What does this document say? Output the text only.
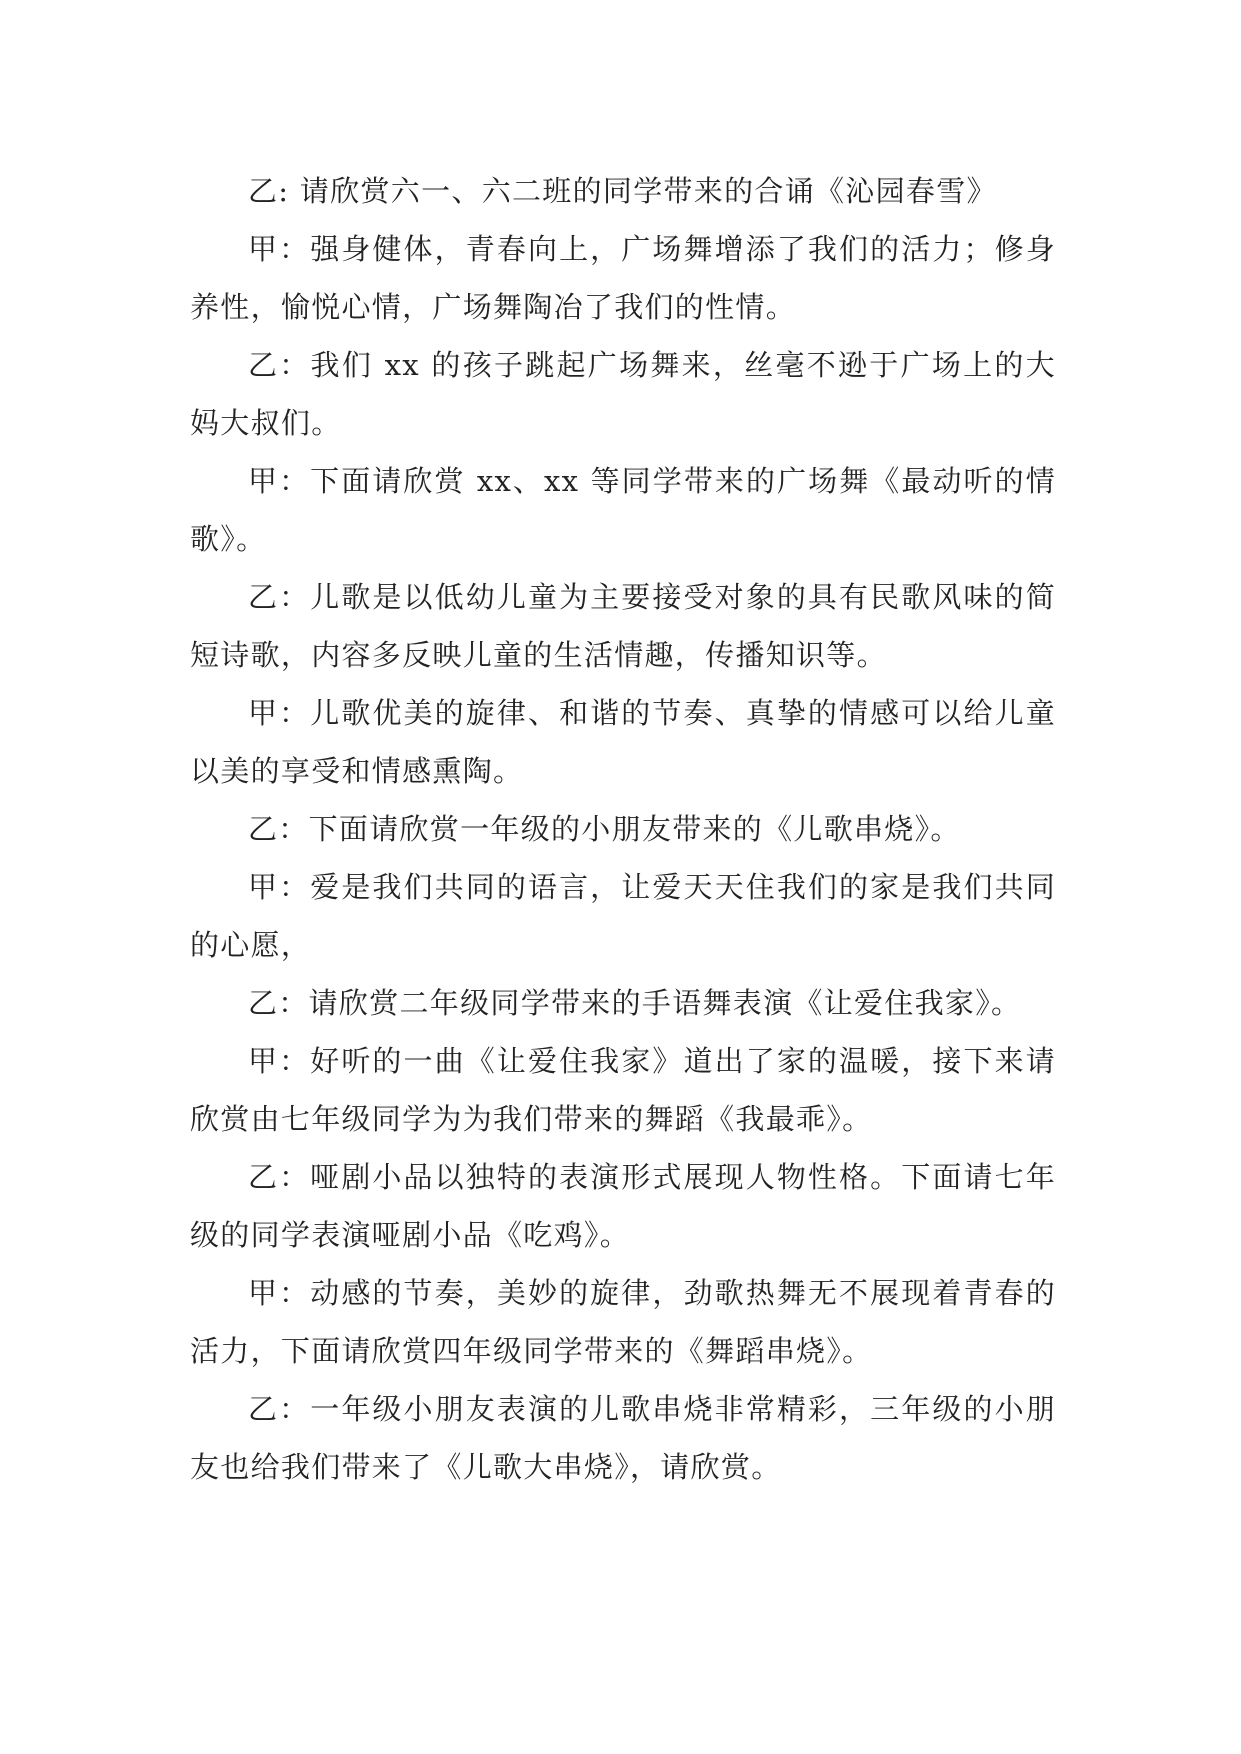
乙: 请欣赏六一、六二班的同学带来的合诵《沁园春雪》

甲：强身健体，青春向上，广场舞增添了我们的活力；修身养性，愉悦心情，广场舞陶冶了我们的性情。

乙：我们 xx 的孩子跳起广场舞来，丝毫不逊于广场上的大妈大叔们。

甲：下面请欣赏 xx、xx 等同学带来的广场舞《最动听的情歌》。

乙：儿歌是以低幼儿童为主要接受对象的具有民歌风味的简短诗歌，内容多反映儿童的生活情趣，传播知识等。

甲：儿歌优美的旋律、和谐的节奏、真挚的情感可以给儿童以美的享受和情感熏陶。

乙：下面请欣赏一年级的小朋友带来的《儿歌串烧》。

甲：爱是我们共同的语言，让爱天天住我们的家是我们共同的心愿，

乙：请欣赏二年级同学带来的手语舞表演《让爱住我家》。

甲：好听的一曲《让爱住我家》道出了家的温暖，接下来请欣赏由七年级同学为为我们带来的舞蹈《我最乖》。

乙：哑剧小品以独特的表演形式展现人物性格。下面请七年级的同学表演哑剧小品《吃鸡》。

甲：动感的节奏，美妙的旋律，劲歌热舞无不展现着青春的活力，下面请欣赏四年级同学带来的《舞蹈串烧》。

乙：一年级小朋友表演的儿歌串烧非常精彩，三年级的小朋友也给我们带来了《儿歌大串烧》，请欣赏。
